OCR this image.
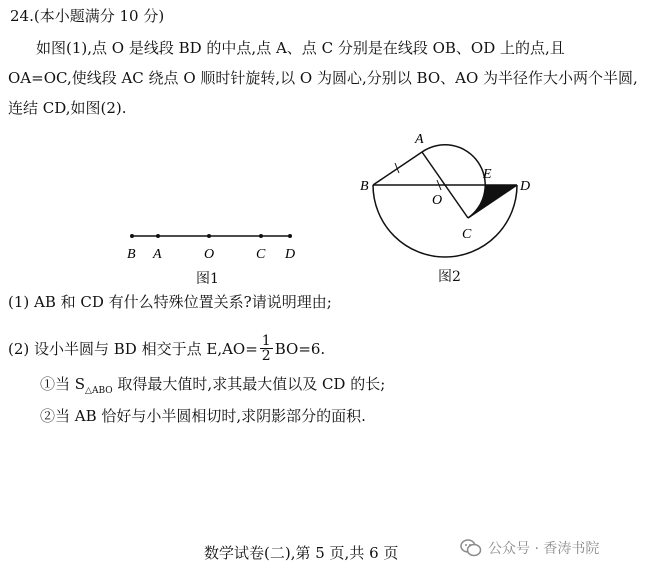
24.(本小题满分 10 分)
如图(1),点 O 是线段 BD 的中点,点 A、点 C 分别是在线段 OB、OD 上的点,且
OA=OC,使线段 AC 绕点 O 顺时针旋转,以 O 为圆心,分别以 BO、AO 为半径作大小两个半圆,
连结 CD,如图(2).
B A	O	C D
图1
A
B
O
E
D
C
图2
(1) AB 和 CD 有什么特殊位置关系?请说明理由;
(2) 设小半圆与 BD 相交于点 $E,AO= \frac{1}{2} BO=6$.
①当 $S_{\triangle ABO}$ 取得最大值时,求其最大值以及 CD 的长;
②当 AB 恰好与小半圆相切时,求阴影部分的面积.
数学试卷(二),第 5 页,共 6 页	公众号 · 香涛书院
